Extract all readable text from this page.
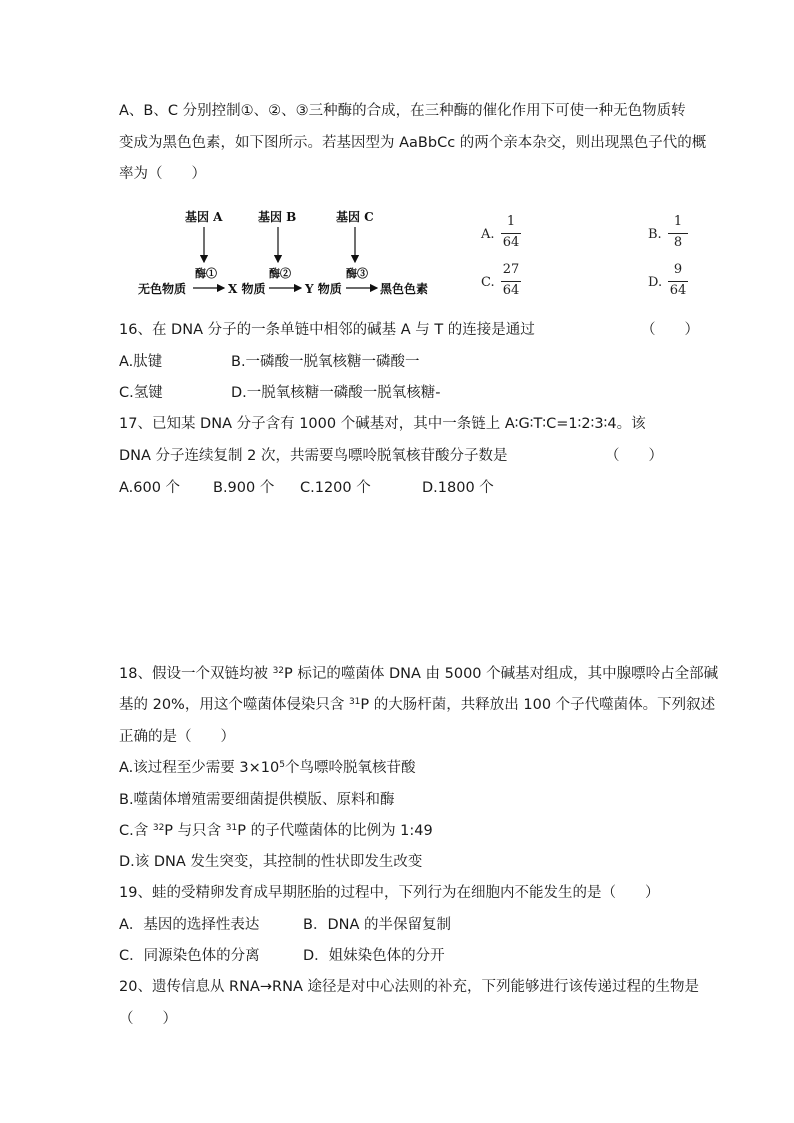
A、B、C 分别控制①、②、③三种酶的合成，在三种酶的催化作用下可使一种无色物质转
变成为黑色色素，如下图所示。若基因型为 AaBbCc 的两个亲本杂交，则出现黑色子代的概
率为（　　）
基因 A	基因 B	基因 C
酶①	酶②	酶③
无色物质	X 物质	Y 物质	黑色色素
A.
1
64
B.
1
8
C.
27
64
D.
9
64
16、在 DNA 分子的一条单链中相邻的碱基 A 与 T 的连接是通过	（　　）
A.肽键	B.一磷酸一脱氧核糖一磷酸一
C.氢键	D.一脱氧核糖一磷酸一脱氧核糖-
17、已知某 DNA 分子含有 1000 个碱基对，其中一条链上 A∶G∶T∶C=1∶2∶3∶4。该
DNA 分子连续复制 2 次，共需要鸟嘌呤脱氧核苷酸分子数是	（　　）
A.600 个 B.900 个 C.1200 个	D.1800 个
18、假设一个双链均被 $^{32}$P 标记的噬菌体 DNA 由 5000 个碱基对组成，其中腺嘌呤占全部碱
基的 20%，用这个噬菌体侵染只含 $^{31}$P 的大肠杆菌，共释放出 100 个子代噬菌体。下列叙述
正确的是（　　）
A.该过程至少需要 $3\times 10^5$个鸟嘌呤脱氧核苷酸
B.噬菌体增殖需要细菌提供模版、原料和酶
C.含 $^{32}$P 与只含 $^{31}$P 的子代噬菌体的比例为 1:49
D.该 DNA 发生突变，其控制的性状即发生改变
19、蛙的受精卵发育成早期胚胎的过程中，下列行为在细胞内不能发生的是（　　）
A．基因的选择性表达	B．DNA 的半保留复制
C．同源染色体的分离	D．姐妹染色体的分开
20、遗传信息从 RNA→RNA 途径是对中心法则的补充，下列能够进行该传递过程的生物是
（　　）
